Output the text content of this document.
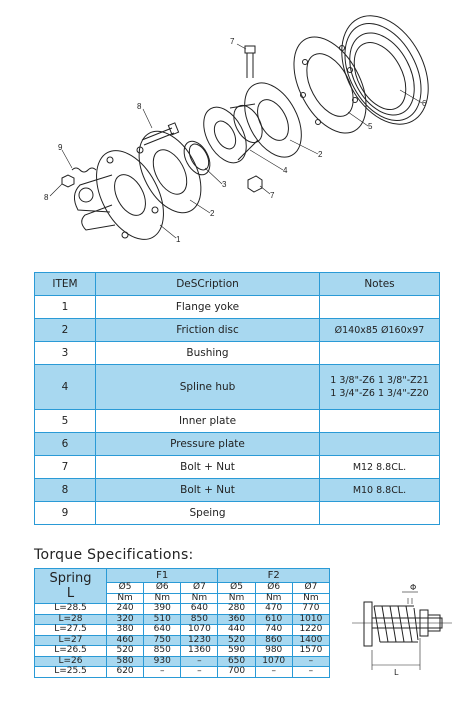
1
2
2
3
4
5
6
7
7
8
8
9
ITEM	DeSCription	Notes
1	Flange yoke	
2	Friction disc	Ø140x85 Ø160x97
3	Bushing	
4	Spline hub	1 3/8"-Z6 1 3/8"-Z21
1 3/4"-Z6 1 3/4"-Z20

5	Inner plate	
6	Pressure plate	
7	Bolt + Nut	M12 8.8CL.
8	Bolt + Nut	M10 8.8CL.
9	Speing	
Torque Specifications:
Spring
L	F1			F2		
	Ø5	Ø6	Ø7	Ø5	Ø6	Ø7
	Nm	Nm	Nm	Nm	Nm	Nm
L=28.5	240	390	640	280	470	770
L=28	320	510	850	360	610	1010
L=27.5	380	640	1070	440	740	1220
L=27	460	750	1230	520	860	1400
L=26.5	520	850	1360	590	980	1570
L=26	580	930	–	650	1070	–
L=25.5	620	–	–	700	–	–
Φ
L
